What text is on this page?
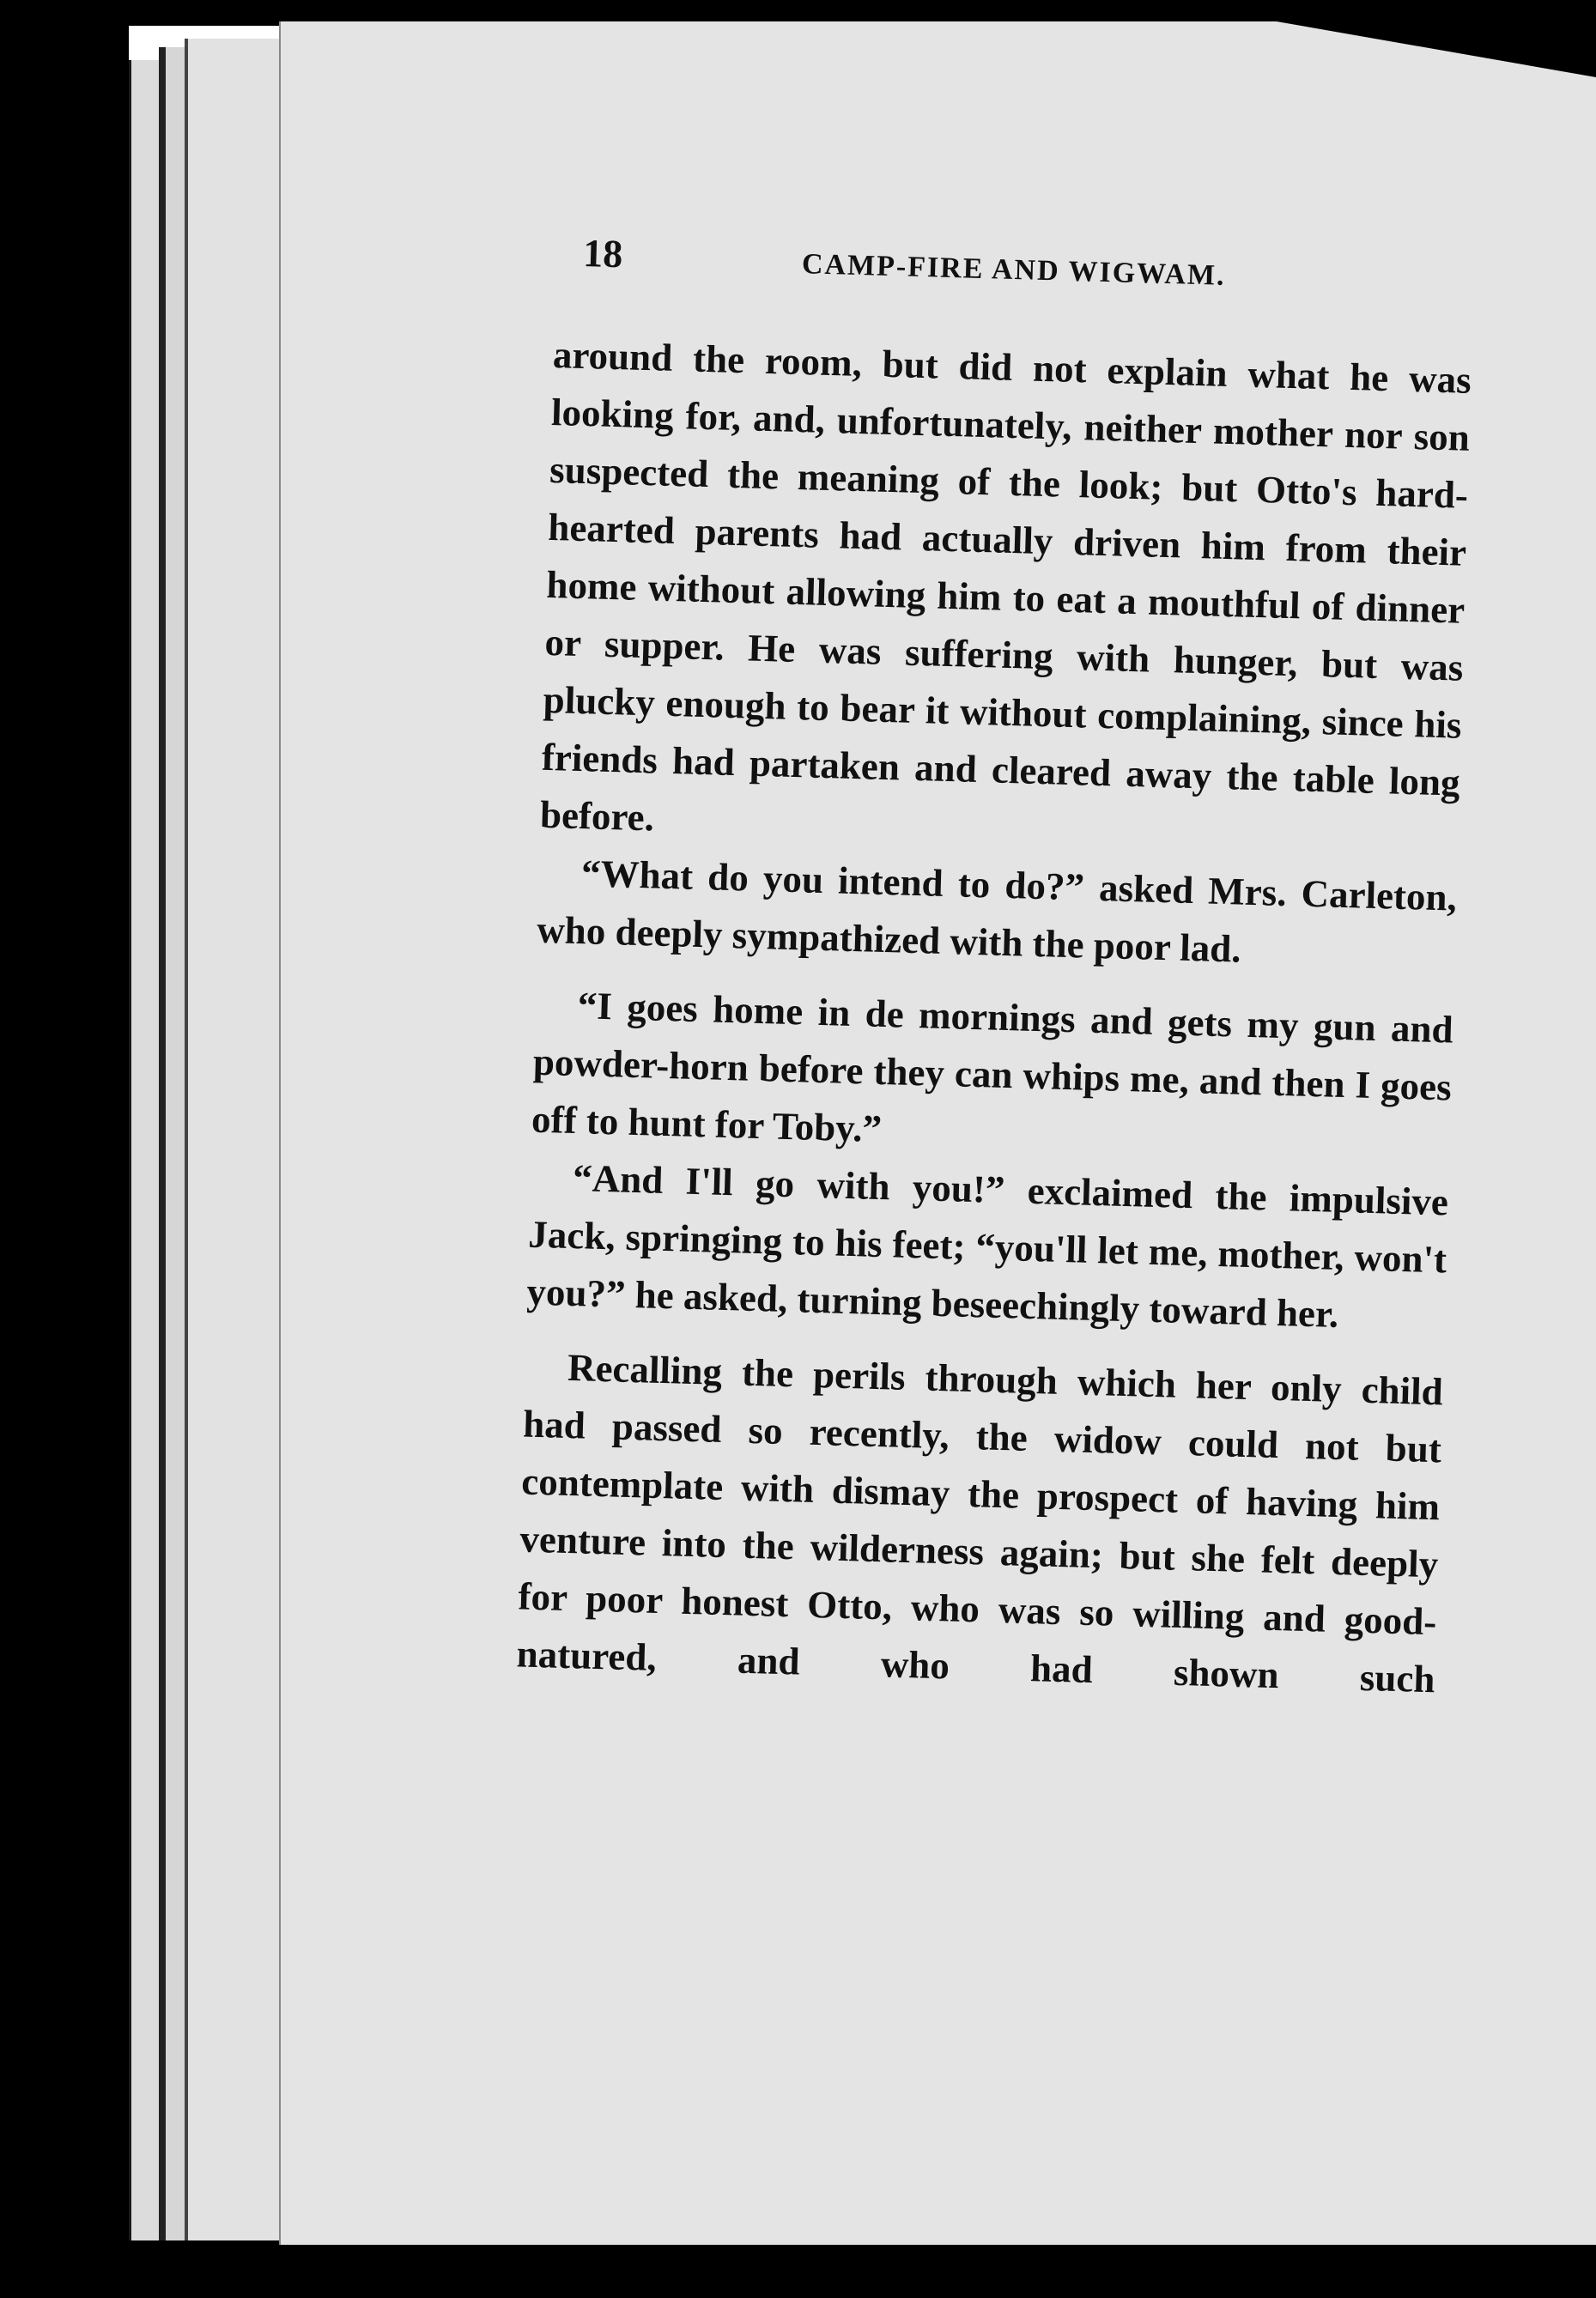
18	CAMP-FIRE AND WIGWAM.

around the room, but did not explain what he was looking for, and, unfortunately, neither mother nor son suspected the meaning of the look; but Otto's hard-hearted parents had actually driven him from their home without allowing him to eat a mouthful of dinner or supper. He was suffering with hunger, but was plucky enough to bear it without complaining, since his friends had partaken and cleared away the table long before.

“What do you intend to do?” asked Mrs. Carleton, who deeply sympathized with the poor lad.

“I goes home in de mornings and gets my gun and powder-horn before they can whips me, and then I goes off to hunt for Toby.”

“And I'll go with you!” exclaimed the impulsive Jack, springing to his feet; “you'll let me, mother, won't you?” he asked, turning beseechingly toward her.

Recalling the perils through which her only child had passed so recently, the widow could not but contemplate with dismay the prospect of having him venture into the wilderness again; but she felt deeply for poor honest Otto, who was so willing and good-natured, and who had shown such
